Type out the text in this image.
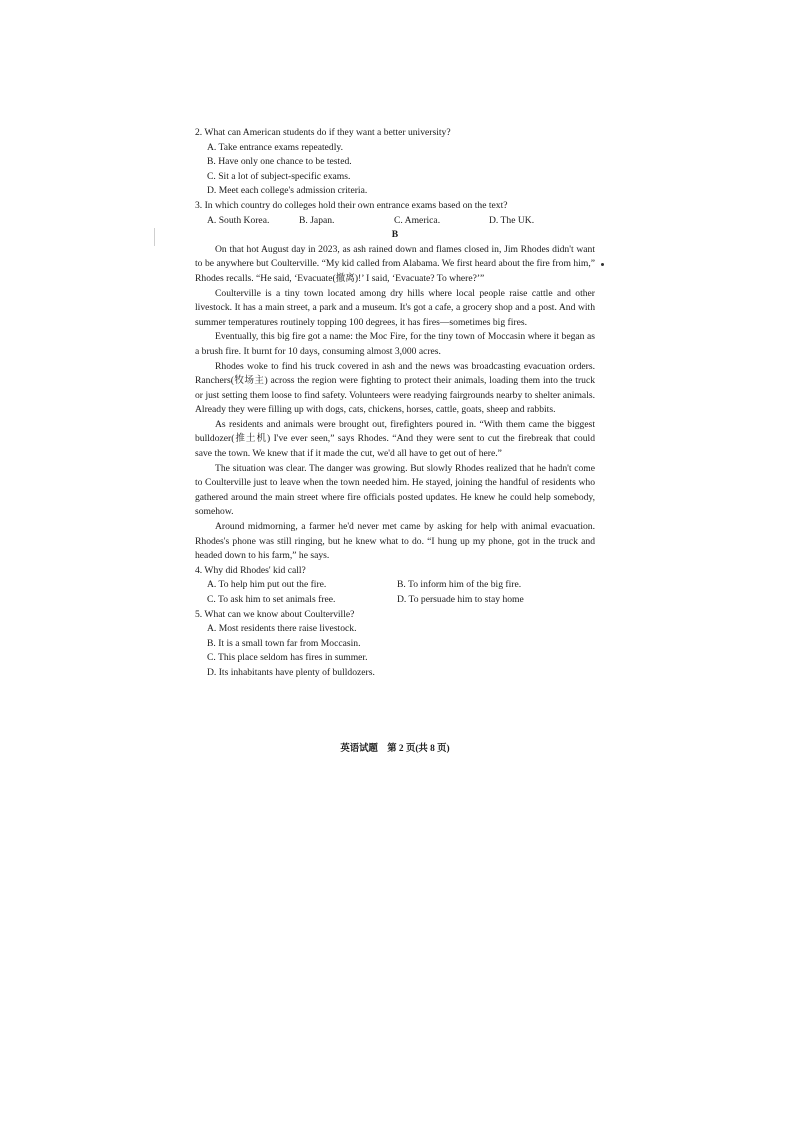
2. What can American students do if they want a better university?

A. Take entrance exams repeatedly.

B. Have only one chance to be tested.

C. Sit a lot of subject-specific exams.

D. Meet each college's admission criteria.

3. In which country do colleges hold their own entrance exams based on the text?

A. South Korea.	B. Japan.	C. America.	D. The UK.

B

On that hot August day in 2023, as ash rained down and flames closed in, Jim Rhodes didn't want to be anywhere but Coulterville. “My kid called from Alabama. We first heard about the fire from him,” Rhodes recalls. “He said, ‘Evacuate(撤离)!’ I said, ‘Evacuate? To where?’”

Coulterville is a tiny town located among dry hills where local people raise cattle and other livestock. It has a main street, a park and a museum. It's got a cafe, a grocery shop and a post. And with summer temperatures routinely topping 100 degrees, it has fires—sometimes big fires.

Eventually, this big fire got a name: the Moc Fire, for the tiny town of Moccasin where it began as a brush fire. It burnt for 10 days, consuming almost 3,000 acres.

Rhodes woke to find his truck covered in ash and the news was broadcasting evacuation orders. Ranchers(牧场主) across the region were fighting to protect their animals, loading them into the truck or just setting them loose to find safety. Volunteers were readying fairgrounds nearby to shelter animals. Already they were filling up with dogs, cats, chickens, horses, cattle, goats, sheep and rabbits.

As residents and animals were brought out, firefighters poured in. “With them came the biggest bulldozer(推土机) I've ever seen,” says Rhodes. “And they were sent to cut the firebreak that could save the town. We knew that if it made the cut, we'd all have to get out of here.”

The situation was clear. The danger was growing. But slowly Rhodes realized that he hadn't come to Coulterville just to leave when the town needed him. He stayed, joining the handful of residents who gathered around the main street where fire officials posted updates. He knew he could help somebody, somehow.

Around midmorning, a farmer he'd never met came by asking for help with animal evacuation. Rhodes's phone was still ringing, but he knew what to do. “I hung up my phone, got in the truck and headed down to his farm,” he says.

4. Why did Rhodes' kid call?

A. To help him put out the fire.	B. To inform him of the big fire.
C. To ask him to set animals free.	D. To persuade him to stay home

5. What can we know about Coulterville?

A. Most residents there raise livestock.

B. It is a small town far from Moccasin.

C. This place seldom has fires in summer.

D. Its inhabitants have plenty of bulldozers.

英语试题　第 2 页(共 8 页)
